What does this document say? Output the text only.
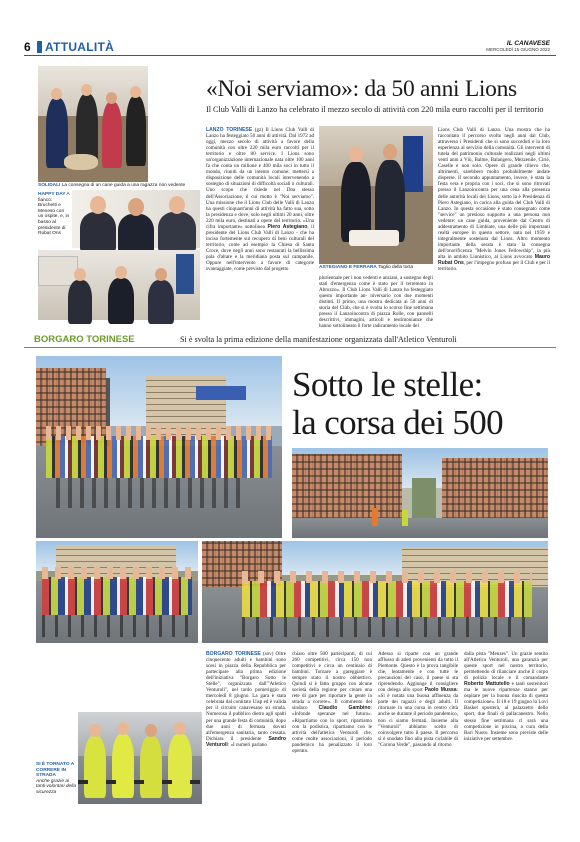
6 ATTUALITÀ	IL CANAVESE
MERCOLEDÌ 15 GIUGNO 2022
SOLIDALI La consegna di un cane guida a una ragazza non vedente
HAPPY DAY A fianco: Bruchetti e Meneso con un ospite, e, in basso al presidente di Rubat Ons
«Noi serviamo»: da 50 anni Lions
Il Club Valli di Lanzo ha celebrato il mezzo secolo di attività con 220 mila euro raccolti per il territorio
LANZO TORINESE (gz) Il Lions Club Valli di Lanzo ha festeggiato 50 anni di attività. Dal 1972 ad oggi, mezzo secolo di attività a favore della comunità con oltre 220 mila euro raccolti per il territorio e oltre 80 service. I Lions sono un'organizzazione internazionale nata oltre 100 anni fa che conta un milione e 400 mila soci in tutto il mondo, riuniti da un intento comune: mettersi a disposizione delle comunità locali intervenendo a sostegno di situazioni di difficoltà sociali o culturali. Uno scopo che risiede nel Dna stesso dell'Associazione, il cui motto è "Noi serviamo". Una missione che il Lions Club delle Valli di Lanzo ha questi cinquant'anni di attività ha fatto sua, sotto la presidenza e dove, solo negli ultimi 20 anni, oltre 220 mila euro, destinati a opere del territorio. «Una cifra importante» sottolinea Piero Astegiano, il presidente del Lions Club Valli di Lanzo - che ha inciso fortemente sul recupero di beni culturali del territorio, come ad esempio la Chiesa di Santa Croce, dove negli anni sono restaurati la bellissima pala d'altare e la meridiana posta sul campanile. Oppure nell'intervento a favore di categorie svantaggiate, come previsto dal progetto	ASTEGIANO E FERRARA Taglio della torta
pluriennale per i non vedenti e anziani, a sostegno degli stati d'emergenza come è stato per il terremoto in Abruzzo». Il Club Lions Valli di Lanzo ha festeggiato questo importante an- niversario con due momenti distinti. Il primo, una mostra dedicata ai 50 anni di storia del Club, che si è svolta lo scorso fine settimana presso il Lanzoincontra di piazza Rolle, con pannelli descrittivi, immagini, articoli e testimonianze che hanno sottolineato il forte radicamento locale del
Lions Club Valli di Lanzo. Una mostra che ha raccontato il percorso svolto negli anni dal Club, attraverso i Presidenti che si sono succeduti e la loro esperienza al servizio della comunità. Gli interventi di tutela del patrimonio culturale realizzati negli ultimi venti anni a Vìù, Balme, Balangero, Mezzenile, Cirié, Caselle e non solo. Opere di grande rilievo che, altrimenti, sarebbero molto probabilmente andate disperse. Il secondo appuntamento, invece, è stata la festa vera e propria con i soci, che si sono ritrovati presso il Lanzoincontra per una cena alla presenza delle autorità locali dei Lions, sotto la è Presidenza di Piero Astegiano, in carica alla guida del Club Valli di Lanzo. In questa occasione è stato consegnato come "service" un presioso supporto a una persona non vedente: un cane guida, proveniente dal Centro di addestramento di Limbiate, una delle più importanti realtà europee in questo settore, nata nel 1959 e integralmente sostenuta dai Lions. Altro momento importante della serata è stata la consegna dell'onorificenza "Melvin Jones Fellowship", la più alta in ambito Lionistico, al Lions avvocato Mauro Rubat Ons, per l'impegno profuso per il Club e per il territorio.
BORGARO TORINESE	Si è svolta la prima edizione della manifestazione organizzata dall'Atletico Venturoli
Sotto le stelle:
la corsa dei 500
SI È TORNATO A CORRERE IN STRADA
Anche grazie ai tanti volontari della sicurezza
BORGARO TORINESE (sov) Oltre cinquecento adulti e bambini sono scesi in piazza della Repubblica per partecipare alla prima edizione dell'iniziativa "Borgaro Sotto le Stelle", organizzata dall'"Atletico Venturoli", nel tardo pomeriggio di mercoledì 8 giugno. La gara è stata celebrata dal comitato Uisp ed è valida per il circuito canavesano su strada. Numerosa il pubblico dietro agli spalti per una grande festa di comunità, dopo due anni di fermata dovuti all'emergenza sanitaria, tanto cessata. Dichiara il presidente Sandro Venturoli: «I numeri parlano
chiaro oltre 500 partecipanti, di cui 260 competitivi, circa 150 non competitivi e circa un centinaio di bambini. Tornare a gareggiare è sempre stato il nostro obbiettivo. Quindi si è fatto gruppo con alcune società della regione per creare una rete di gare per riportare la gente in strada a correre». Il commento del sindaco Claudio Gambino: «Infonde speranze nel futuro». «Ripartiamo con lo sport, ripartiamo con la podistica, ripartiamo con le attività dell'atletica Venturoli che, come molte associazioni, il periodo pandemico ha penalizzato il loro operato.
Adesso si riparte con un grande afflusso di atleti provenienti da tutto il Piemonte. Questo è la prova tangibile che, lentamente e con tutte le precauzioni del caso, il paese si sta riprendendo. Aggiunge il consigliere con delega allo sport Paolo Mussa: «Si è notata una buona affluenza da parte dei ragazzi e degli adulti. Il ritornare in una corsa in centro città anche se durante il periodo pandemico, non ci siamo fermati. Insieme alla "Venturoli" abbiamo scelto di coinvolgere tutto il paese. Il percorso si è snodato fino alla pista ciclabile di "Corona Verde", passando al ritorno
dalla pista "Menzes". Un grazie sentito all'Atletica Venturoli, una garanzia per queste sport nel nostro territorio, permettendo di rilanciare anche il corpo di polizia locale e il comandante Roberto Mattutello e tanti sostenitori ma le nuove ripartenze stanno per ospitare per la buona riuscita di questa competizione». Il 18 e 19 giugno la Lovi Basket sposterà, al palazzetto dello sport, due finali di pallacanestro. Nello stesso fine settimana ci sarà una competizione in piscina, a cura della Bari Nuoto. Insieme sono previste delle iniziative per settembre.
